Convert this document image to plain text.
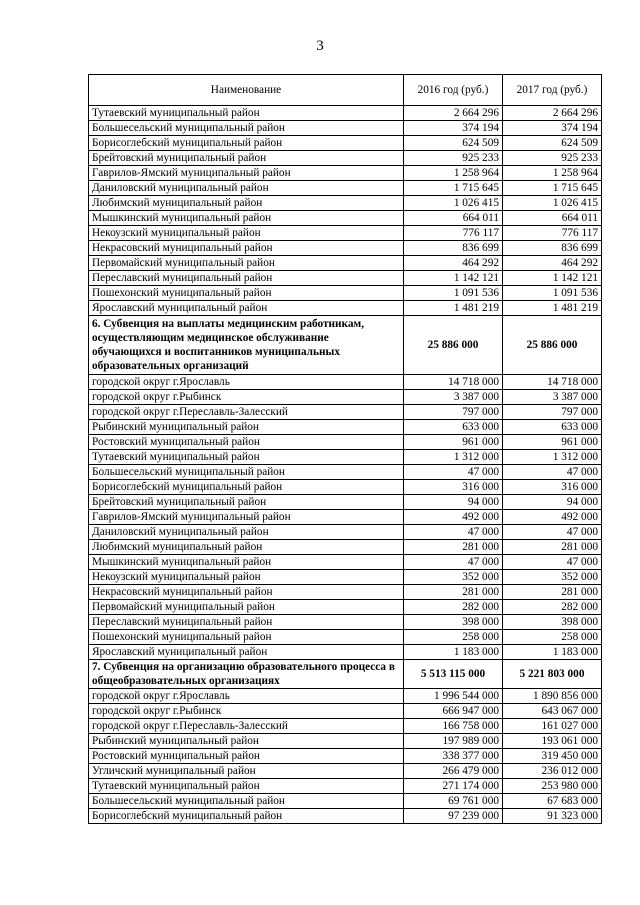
3
Наименование	2016 год (руб.)	2017 год (руб.)
Тутаевский муниципальный район	2 664 296	2 664 296
Большесельский муниципальный район	374 194	374 194
Борисоглебский муниципальный район	624 509	624 509
Брейтовский муниципальный район	925 233	925 233
Гаврилов-Ямский муниципальный район	1 258 964	1 258 964
Даниловский муниципальный район	1 715 645	1 715 645
Любимский муниципальный район	1 026 415	1 026 415
Мышкинский муниципальный район	664 011	664 011
Некоузский муниципальный район	776 117	776 117
Некрасовский муниципальный район	836 699	836 699
Первомайский муниципальный район	464 292	464 292
Переславский муниципальный район	1 142 121	1 142 121
Пошехонский муниципальный район	1 091 536	1 091 536
Ярославский муниципальный район	1 481 219	1 481 219
6. Субвенция на выплаты медицинским работникам, осуществляющим медицинское обслуживание обучающихся и воспитанников муниципальных образовательных организаций	25 886 000	25 886 000
городской округ г.Ярославль	14 718 000	14 718 000
городской округ г.Рыбинск	3 387 000	3 387 000
городской округ г.Переславль-Залесский	797 000	797 000
Рыбинский муниципальный район	633 000	633 000
Ростовский муниципальный район	961 000	961 000
Тутаевский муниципальный район	1 312 000	1 312 000
Большесельский муниципальный район	47 000	47 000
Борисоглебский муниципальный район	316 000	316 000
Брейтовский муниципальный район	94 000	94 000
Гаврилов-Ямский муниципальный район	492 000	492 000
Даниловский муниципальный район	47 000	47 000
Любимский муниципальный район	281 000	281 000
Мышкинский муниципальный район	47 000	47 000
Некоузский муниципальный район	352 000	352 000
Некрасовский муниципальный район	281 000	281 000
Первомайский муниципальный район	282 000	282 000
Переславский муниципальный район	398 000	398 000
Пошехонский муниципальный район	258 000	258 000
Ярославский муниципальный район	1 183 000	1 183 000
7. Субвенция на организацию образовательного процесса в общеобразовательных организациях	5 513 115 000	5 221 803 000
городской округ г.Ярославль	1 996 544 000	1 890 856 000
городской округ г.Рыбинск	666 947 000	643 067 000
городской округ г.Переславль-Залесский	166 758 000	161 027 000
Рыбинский муниципальный район	197 989 000	193 061 000
Ростовский муниципальный район	338 377 000	319 450 000
Угличский муниципальный район	266 479 000	236 012 000
Тутаевский муниципальный район	271 174 000	253 980 000
Большесельский муниципальный район	69 761 000	67 683 000
Борисоглебский муниципальный район	97 239 000	91 323 000
